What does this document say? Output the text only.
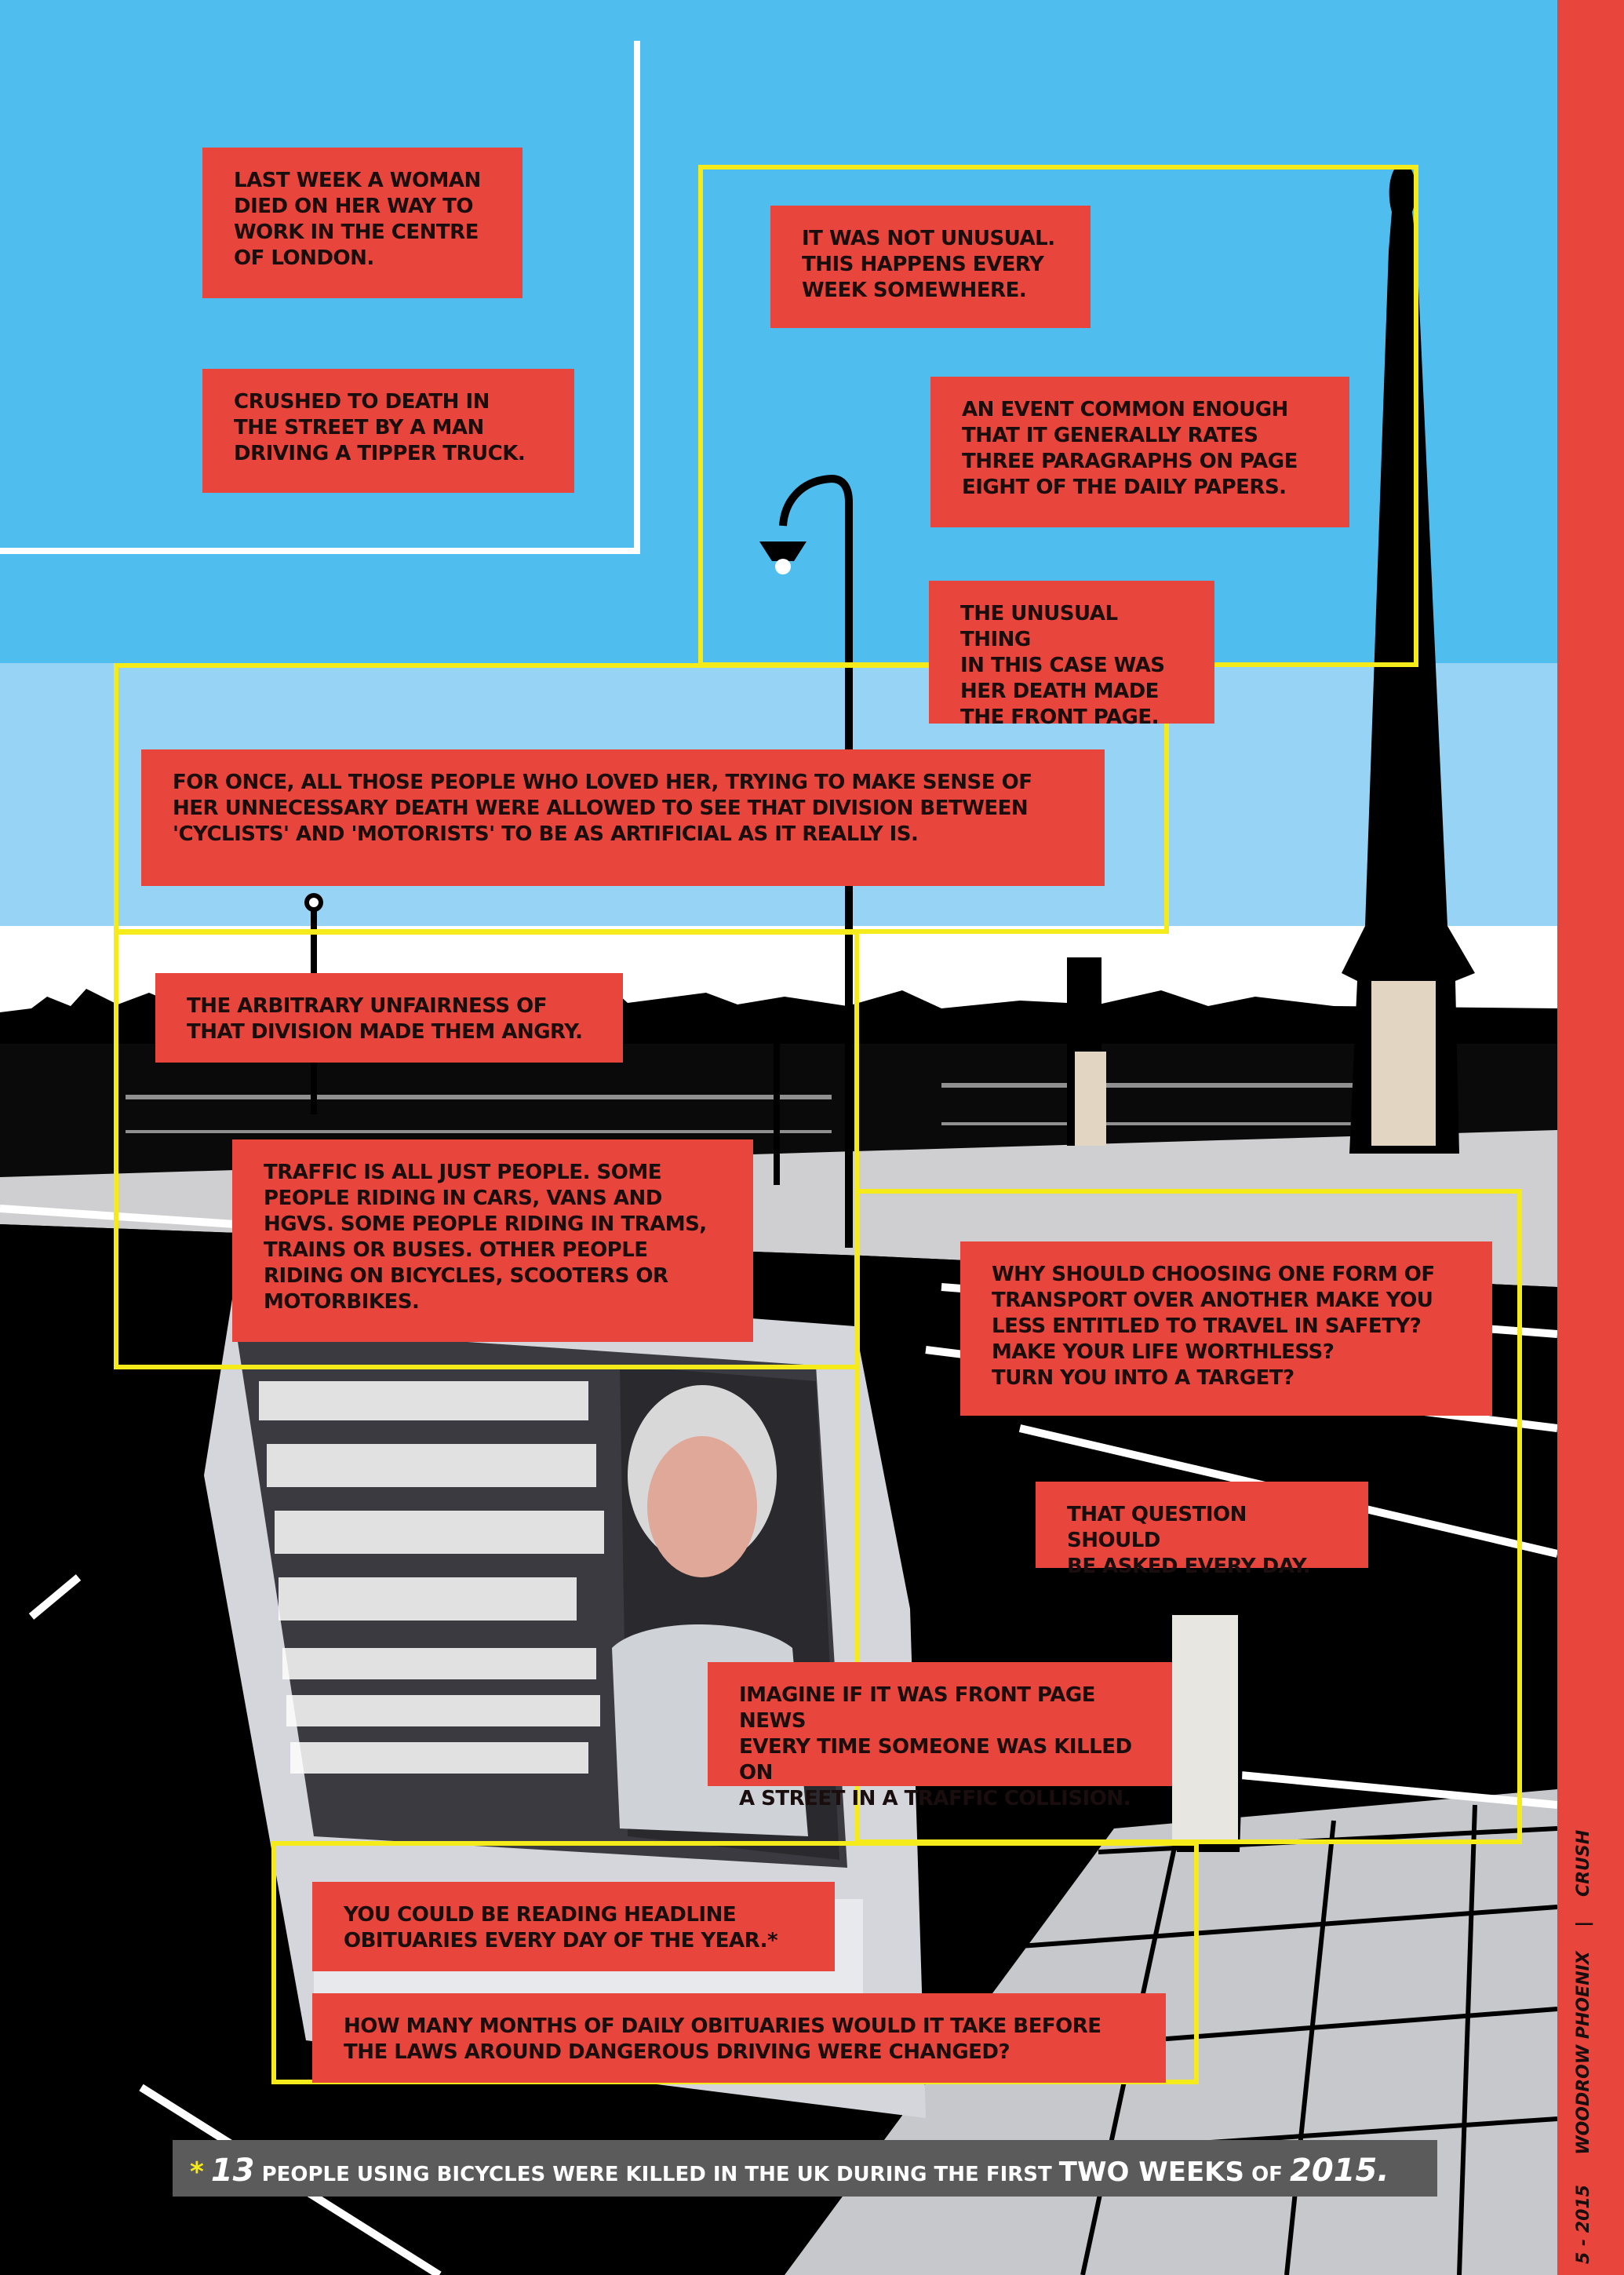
LAST WEEK A WOMAN
DIED ON HER WAY TO
WORK IN THE CENTRE
OF LONDON.
CRUSHED TO DEATH IN
THE STREET BY A MAN
DRIVING A TIPPER TRUCK.
IT WAS NOT UNUSUAL.
THIS HAPPENS EVERY
WEEK SOMEWHERE.
AN EVENT COMMON ENOUGH
THAT IT GENERALLY RATES
THREE PARAGRAPHS ON PAGE
EIGHT OF THE DAILY PAPERS.
THE UNUSUAL THING
IN THIS CASE WAS
HER DEATH MADE
THE FRONT PAGE.
FOR ONCE, ALL THOSE PEOPLE WHO LOVED HER, TRYING TO MAKE SENSE OF
HER UNNECESSARY DEATH WERE ALLOWED TO SEE THAT DIVISION BETWEEN
'CYCLISTS' AND 'MOTORISTS' TO BE AS ARTIFICIAL AS IT REALLY IS.
THE ARBITRARY UNFAIRNESS OF
THAT DIVISION MADE THEM ANGRY.
TRAFFIC IS ALL JUST PEOPLE. SOME
PEOPLE RIDING IN CARS, VANS AND
HGVS. SOME PEOPLE RIDING IN TRAMS,
TRAINS OR BUSES. OTHER PEOPLE
RIDING ON BICYCLES, SCOOTERS OR
MOTORBIKES.
WHY SHOULD CHOOSING ONE FORM OF
TRANSPORT OVER ANOTHER MAKE YOU
LESS ENTITLED TO TRAVEL IN SAFETY?
MAKE YOUR LIFE WORTHLESS?
TURN YOU INTO A TARGET?
THAT QUESTION SHOULD
BE ASKED EVERY DAY.
IMAGINE IF IT WAS FRONT PAGE NEWS
EVERY TIME SOMEONE WAS KILLED ON
A STREET IN A TRAFFIC COLLISION.
YOU COULD BE READING HEADLINE
OBITUARIES EVERY DAY OF THE YEAR.*
HOW MANY MONTHS OF DAILY OBITUARIES WOULD IT TAKE BEFORE
THE LAWS AROUND DANGEROUS DRIVING WERE CHANGED?
* 13 PEOPLE USING BICYCLES WERE KILLED IN THE UK DURING THE FIRST TWO WEEKS OF 2015.
5 - 2015     WOODROW PHOENIX    |    CRUSH
